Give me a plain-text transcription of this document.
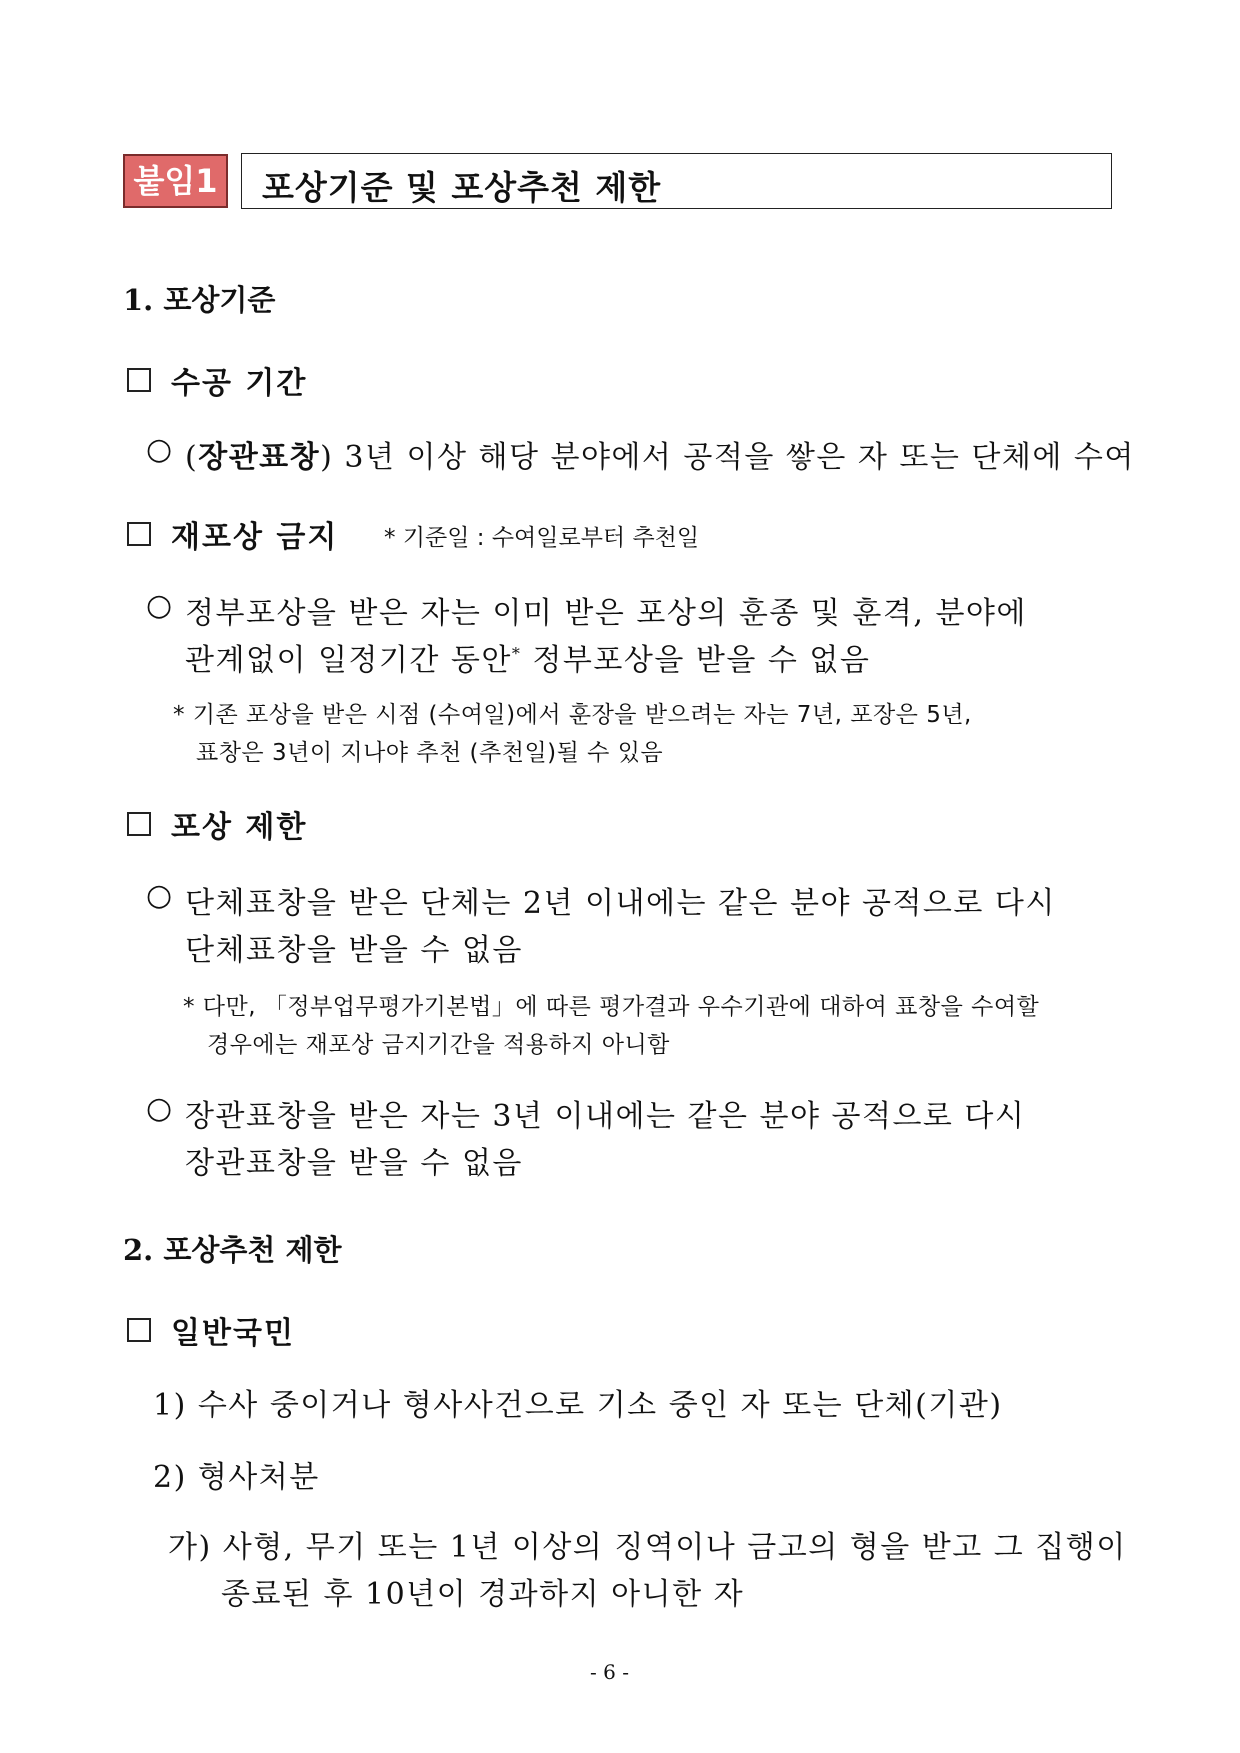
붙임1	포상기준 및 포상추천 제한
1. 포상기준
수공 기간
○ (장관표창) 3년 이상 해당 분야에서 공적을 쌓은 자 또는 단체에 수여
재포상 금지 * 기준일 : 수여일로부터 추천일
○ 정부포상을 받은 자는 이미 받은 포상의 훈종 및 훈격, 분야에
관계없이 일정기간 동안* 정부포상을 받을 수 없음
* 기존 포상을 받은 시점 (수여일)에서 훈장을 받으려는 자는 7년, 포장은 5년,
표창은 3년이 지나야 추천 (추천일)될 수 있음
포상 제한
○ 단체표창을 받은 단체는 2년 이내에는 같은 분야 공적으로 다시
단체표창을 받을 수 없음
* 다만, 「정부업무평가기본법」에 따른 평가결과 우수기관에 대하여 표창을 수여할
경우에는 재포상 금지기간을 적용하지 아니함
○ 장관표창을 받은 자는 3년 이내에는 같은 분야 공적으로 다시
장관표창을 받을 수 없음
2. 포상추천 제한
일반국민
1) 수사 중이거나 형사사건으로 기소 중인 자 또는 단체(기관)
2) 형사처분
가) 사형, 무기 또는 1년 이상의 징역이나 금고의 형을 받고 그 집행이
종료된 후 10년이 경과하지 아니한 자
- 6 -
